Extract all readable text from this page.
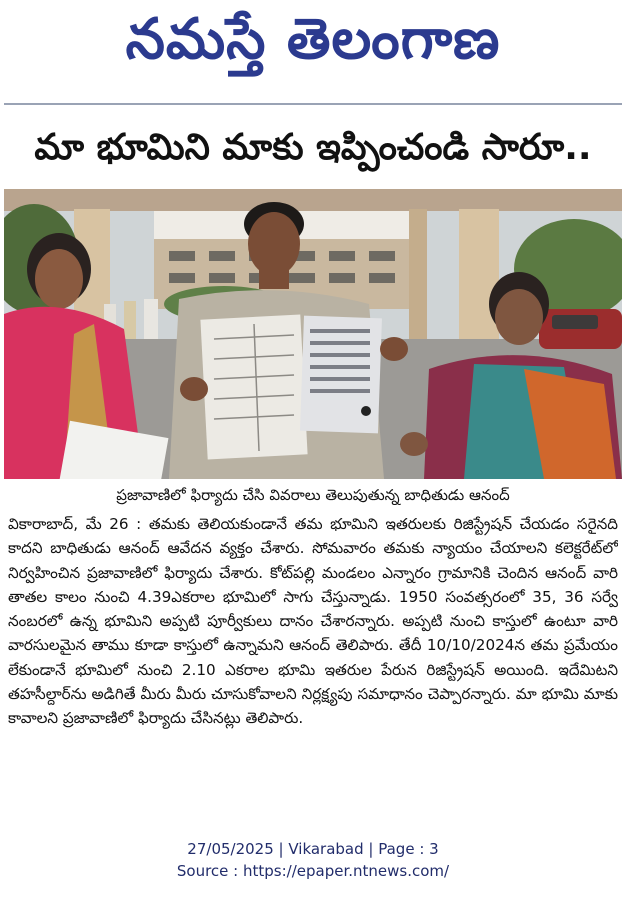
నమస్తే తెలంగాణ
మా భూమిని మాకు ఇప్పించండి సారూ..
ప్రజావాణిలో ఫిర్యాదు చేసి వివరాలు తెలుపుతున్న బాధితుడు ఆనంద్

వికారాబాద్, మే 26 : తమకు తెలియకుండానే తమ భూమిని ఇతరులకు రిజిస్ట్రేషన్ చేయడం సరైనది కాదని బాధితుడు ఆనంద్ ఆవేదన వ్యక్తం చేశారు. సోమవారం తమకు న్యాయం చేయాలని కలెక్టరేట్‌లో నిర్వహించిన ప్రజావాణిలో ఫిర్యాదు చేశారు. కోట్‌పల్లి మండలం ఎన్నారం గ్రామానికి చెందిన ఆనంద్ వారి తాతల కాలం నుంచి 4.39ఎకరాల భూమిలో సాగు చేస్తున్నాడు. 1950 సంవత్సరంలో 35, 36 సర్వే నంబరలో ఉన్న భూమిని అప్పటి పూర్వీకులు దానం చేశారన్నారు. అప్పటి నుంచి కాస్తులో ఉంటూ వారి వారసులమైన తాము కూడా కాస్తులో ఉన్నామని ఆనంద్ తెలిపారు. తేదీ 10/10/2024న తమ ప్రమేయం లేకుండానే భూమిలో నుంచి 2.10 ఎకరాల భూమి ఇతరుల పేరున రిజిస్ట్రేషన్ అయింది. ఇదేమిటని తహసీల్దార్‌ను అడిగితే మీరు మీరు చూసుకోవాలని నిర్లక్ష్యపు సమాధానం చెప్పారన్నారు. మా భూమి మాకు కావాలని ప్రజావాణిలో ఫిర్యాదు చేసినట్లు తెలిపారు.

27/05/2025 | Vikarabad | Page : 3
Source : https://epaper.ntnews.com/
